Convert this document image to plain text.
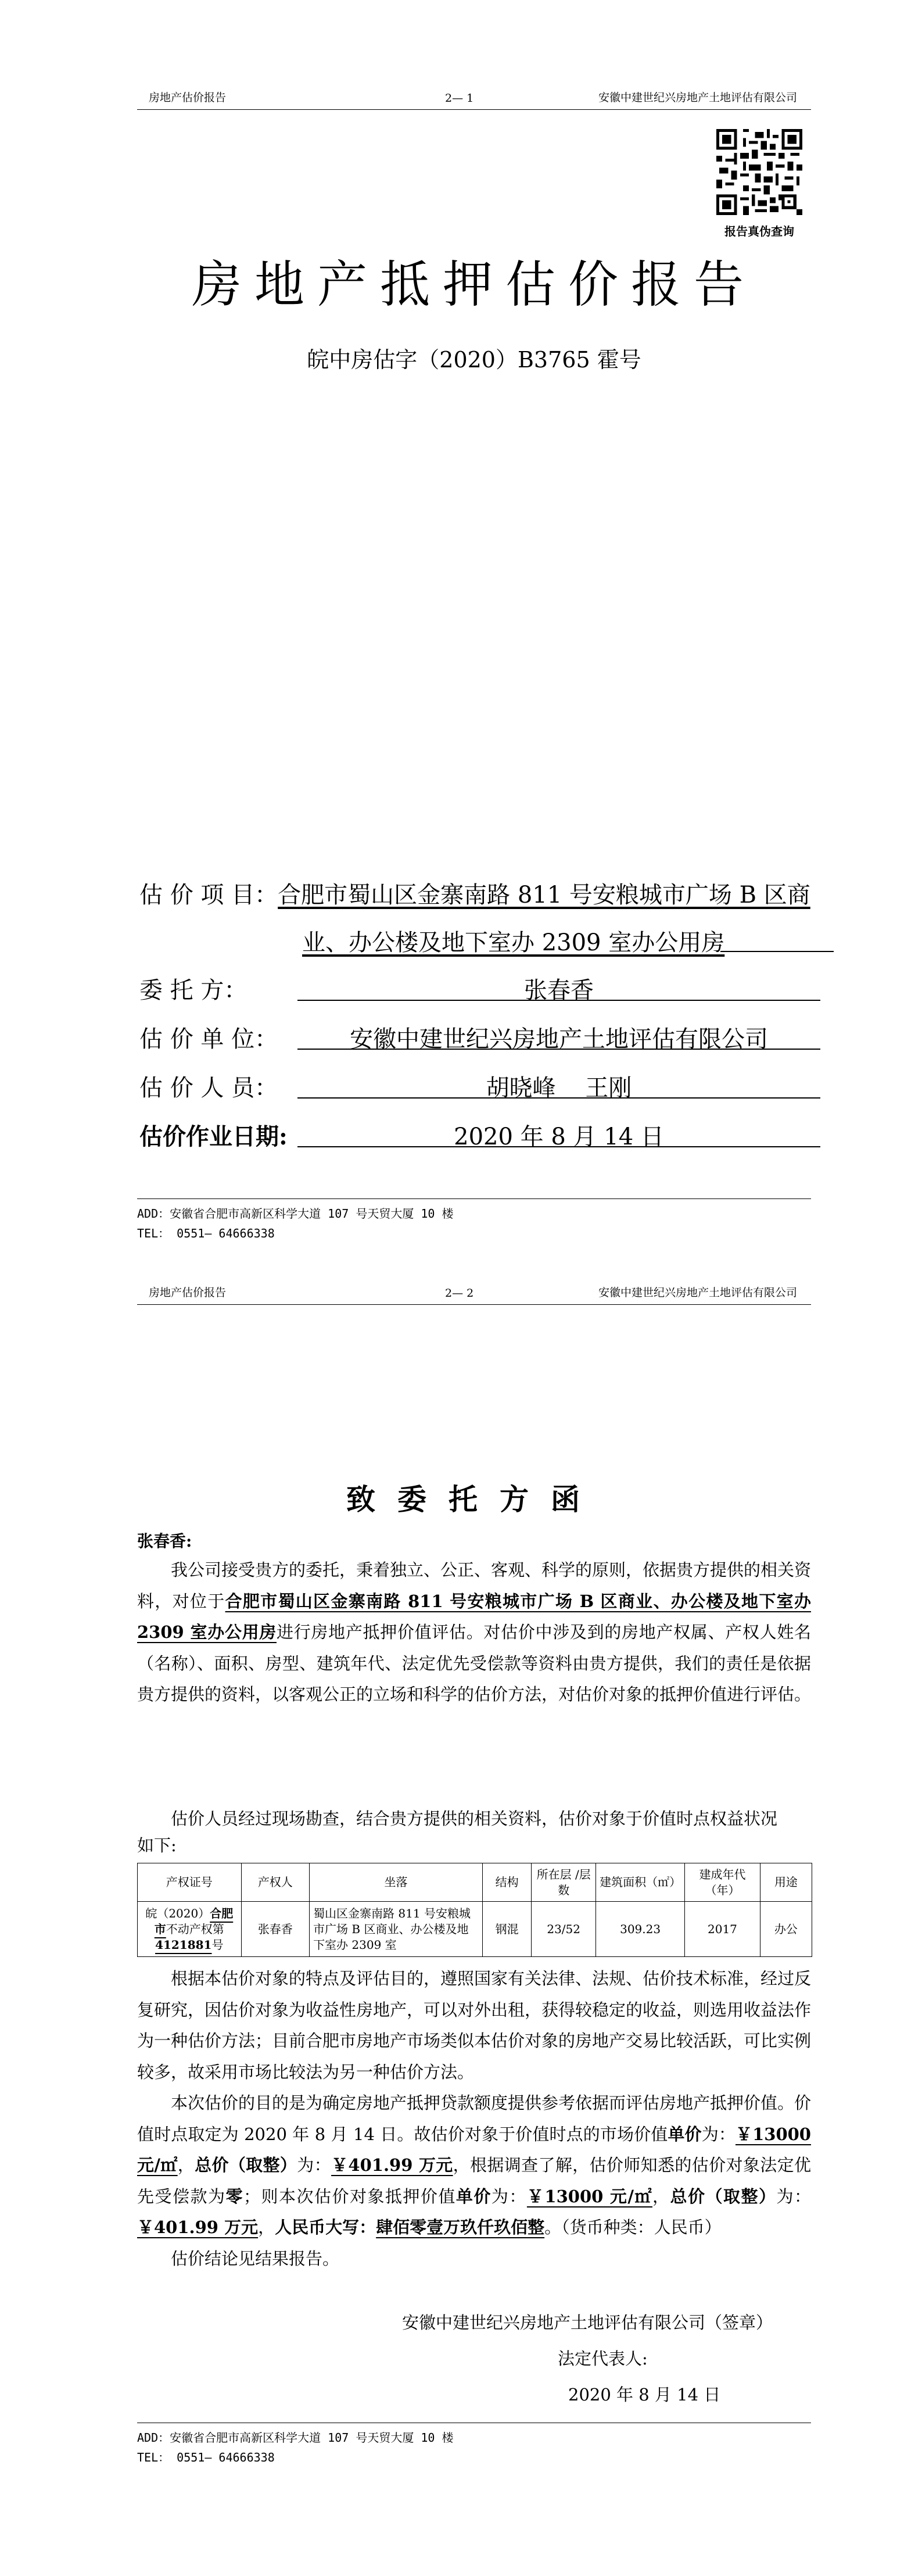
房地产估价报告	2— 1	安徽中建世纪兴房地产土地评估有限公司
报告真伪查询
房地产抵押估价报告
皖中房估字（2020）B3765 霍号
估 价 项 目：合肥市蜀山区金寨南路 811 号安粮城市广场 B 区商
业、办公楼及地下室办 2309 室办公用房
委 托 方：	张春香
估 价 单 位：	安徽中建世纪兴房地产土地评估有限公司
估 价 人 员：	胡晓峰    王刚
估价作业日期:	2020 年 8 月 14 日
ADD：安徽省合肥市高新区科学大道 107 号天贸大厦 10 楼
TEL： 0551— 64666338
房地产估价报告	2— 2	安徽中建世纪兴房地产土地评估有限公司
致委托方函
张春香:

我公司接受贵方的委托，秉着独立、公正、客观、科学的原则，依据贵方提供的相关资料，对位于合肥市蜀山区金寨南路 811 号安粮城市广场 B 区商业、办公楼及地下室办 2309 室办公用房进行房地产抵押价值评估。对估价中涉及到的房地产权属、产权人姓名（名称）、面积、房型、建筑年代、法定优先受偿款等资料由贵方提供，我们的责任是依据贵方提供的资料，以客观公正的立场和科学的估价方法，对估价对象的抵押价值进行评估。

估价人员经过现场勘查，结合贵方提供的相关资料，估价对象于价值时点权益状况

如下:
产权证号	产权人	坐落	结构	所在层 /层数	建筑面积（㎡）	建成年代（年）	用途
皖（2020）合肥市不动产权第4121881号	张春香	蜀山区金寨南路 811 号安粮城市广场 B 区商业、办公楼及地下室办 2309 室	钢混	23/52	309.23	2017	办公

根据本估价对象的特点及评估目的，遵照国家有关法律、法规、估价技术标准，经过反复研究，因估价对象为收益性房地产，可以对外出租，获得较稳定的收益，则选用收益法作为一种估价方法；目前合肥市房地产市场类似本估价对象的房地产交易比较活跃，可比实例较多，故采用市场比较法为另一种估价方法。

本次估价的目的是为确定房地产抵押贷款额度提供参考依据而评估房地产抵押价值。价值时点取定为 2020 年 8 月 14 日。故估价对象于价值时点的市场价值单价为：￥13000 元/㎡，总价（取整）为：￥401.99 万元，根据调查了解，估价师知悉的估价对象法定优先受偿款为零；则本次估价对象抵押价值单价为：￥13000 元/㎡，总价（取整）为：￥401.99 万元，人民币大写：肆佰零壹万玖仟玖佰整。（货币种类：人民币）

估价结论见结果报告。

安徽中建世纪兴房地产土地评估有限公司（签章）
法定代表人:
2020 年 8 月 14 日
ADD：安徽省合肥市高新区科学大道 107 号天贸大厦 10 楼
TEL： 0551— 64666338
